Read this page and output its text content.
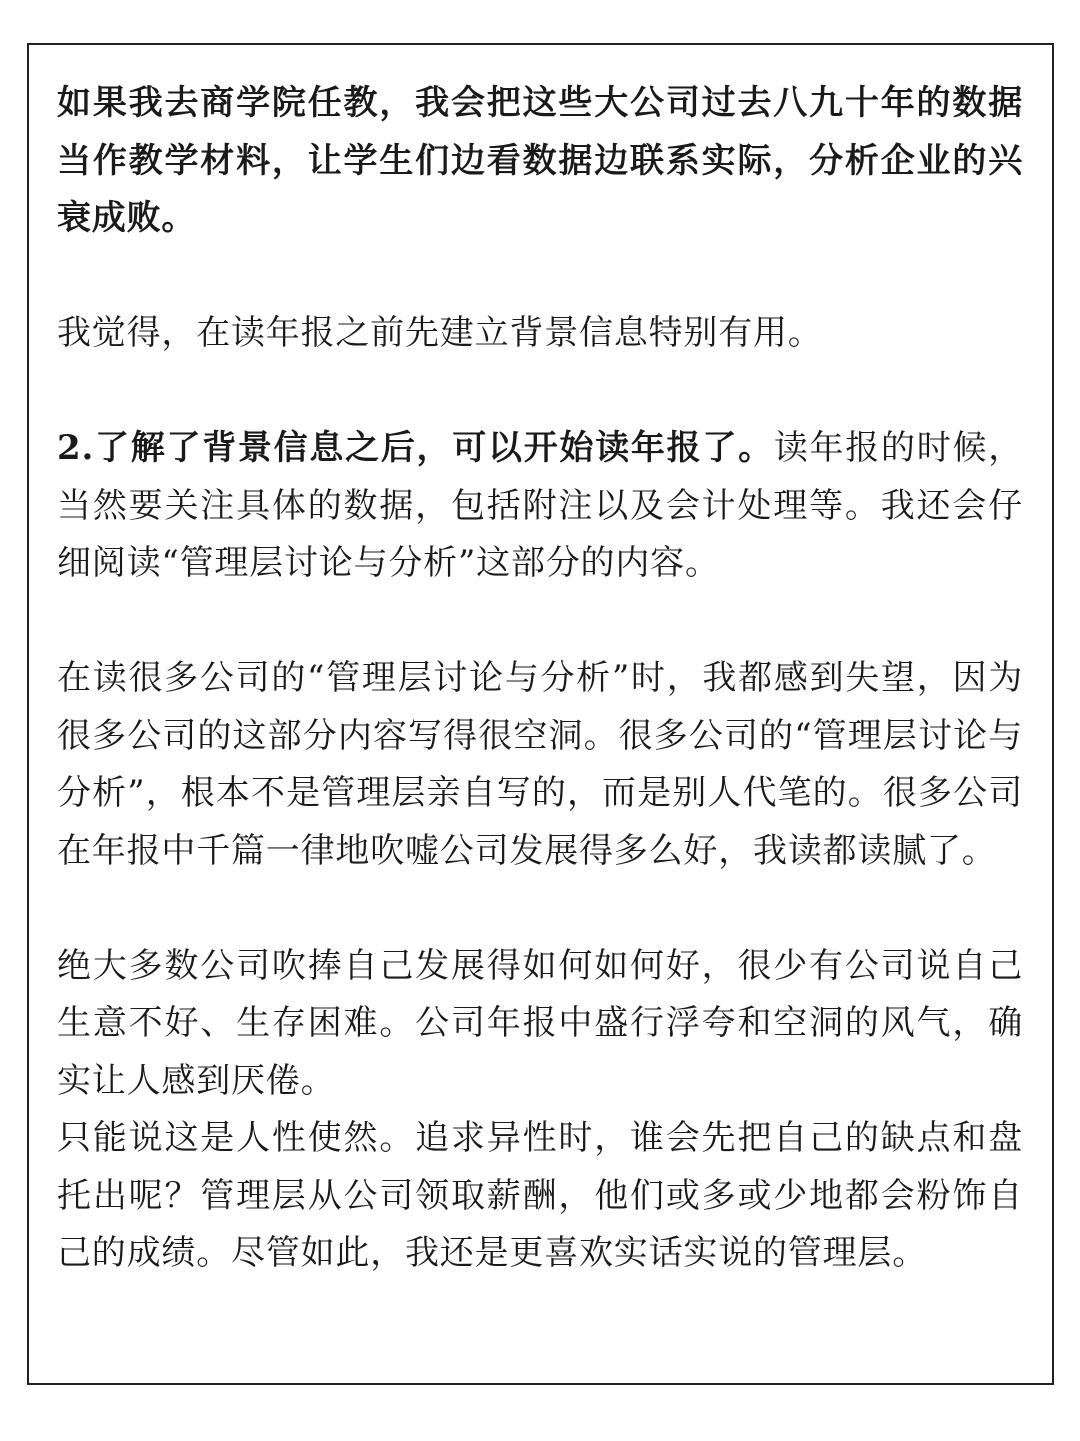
如果我去商学院任教，我会把这些大公司过去八九十年的数据当作教学材料，让学生们边看数据边联系实际，分析企业的兴衰成败。

我觉得，在读年报之前先建立背景信息特别有用。

2.了解了背景信息之后，可以开始读年报了。读年报的时候，当然要关注具体的数据，包括附注以及会计处理等。我还会仔细阅读“管理层讨论与分析”这部分的内容。

在读很多公司的“管理层讨论与分析”时，我都感到失望，因为很多公司的这部分内容写得很空洞。很多公司的“管理层讨论与分析”，根本不是管理层亲自写的，而是别人代笔的。很多公司在年报中千篇一律地吹嘘公司发展得多么好，我读都读腻了。

绝大多数公司吹捧自己发展得如何如何好，很少有公司说自己生意不好、生存困难。公司年报中盛行浮夸和空洞的风气，确实让人感到厌倦。

只能说这是人性使然。追求异性时，谁会先把自己的缺点和盘托出呢？管理层从公司领取薪酬，他们或多或少地都会粉饰自己的成绩。尽管如此，我还是更喜欢实话实说的管理层。
